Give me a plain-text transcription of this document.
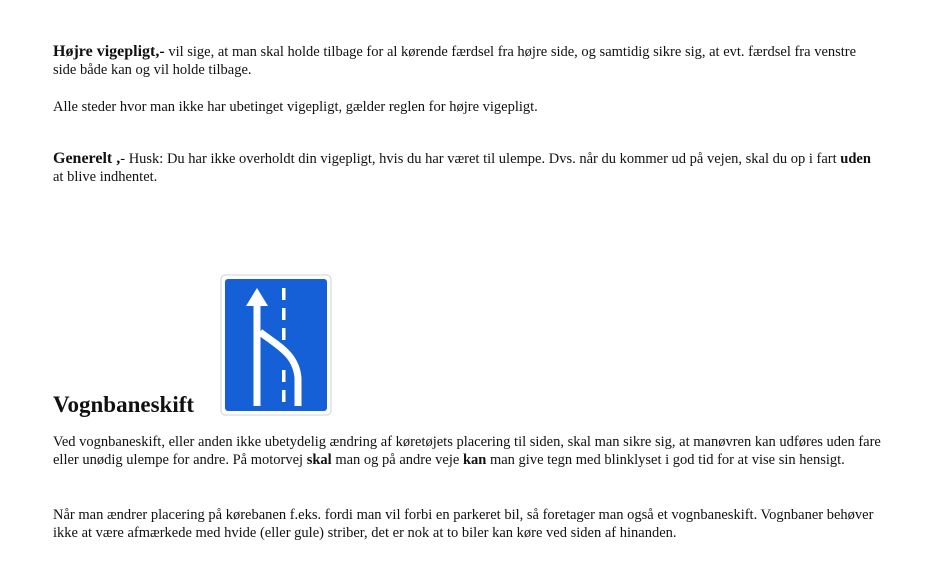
Højre vigepligt,- vil sige, at man skal holde tilbage for al kørende færdsel fra højre side, og samtidig sikre sig, at evt. færdsel fra venstre side både kan og vil holde tilbage.

Alle steder hvor man ikke har ubetinget vigepligt, gælder reglen for højre vigepligt.

Generelt ,- Husk: Du har ikke overholdt din vigepligt, hvis du har været til ulempe. Dvs. når du kommer ud på vejen, skal du op i fart uden at blive indhentet.

Vognbaneskift

Ved vognbaneskift, eller anden ikke ubetydelig ændring af køretøjets placering til siden, skal man sikre sig, at manøvren kan udføres uden fare eller unødig ulempe for andre. På motorvej skal man og på andre veje kan man give tegn med blinklyset i god tid for at vise sin hensigt.

Når man ændrer placering på kørebanen f.eks. fordi man vil forbi en parkeret bil, så foretager man også et vognbaneskift. Vognbaner behøver ikke at være afmærkede med hvide (eller gule) striber, det er nok at to biler kan køre ved siden af hinanden.
